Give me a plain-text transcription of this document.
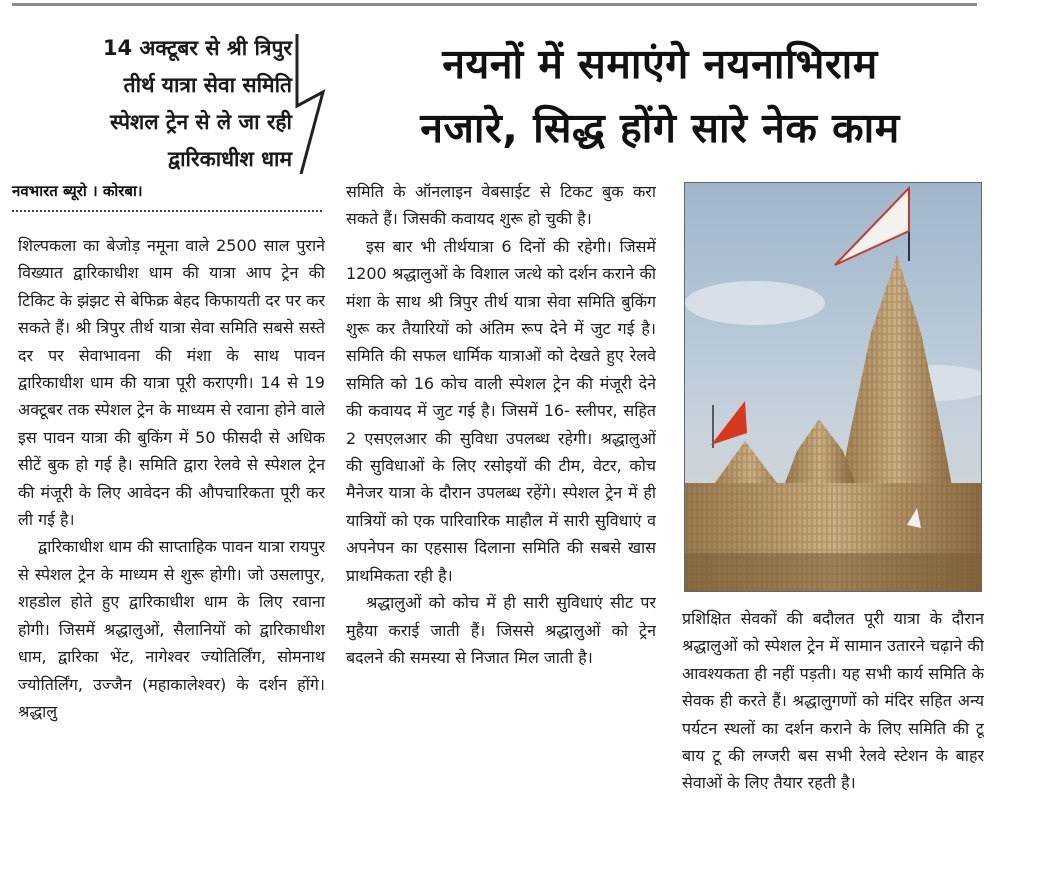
14 अक्टूबर से श्री त्रिपुर
तीर्थ यात्रा सेवा समिति
स्पेशल ट्रेन से ले जा रही
द्वारिकाधीश धाम
नयनों में समाएंगे नयनाभिराम
नजारे, सिद्ध होंगे सारे नेक काम
नवभारत ब्यूरो । कोरबा।

शिल्पकला का बेजोड़ नमूना वाले 2500 साल पुराने विख्यात द्वारिकाधीश धाम की यात्रा आप ट्रेन की टिकिट के झंझट से बेफिक्र बेहद किफायती दर पर कर सकते हैं। श्री त्रिपुर तीर्थ यात्रा सेवा समिति सबसे सस्ते दर पर सेवाभावना की मंशा के साथ पावन द्वारिकाधीश धाम की यात्रा पूरी कराएगी। 14 से 19 अक्टूबर तक स्पेशल ट्रेन के माध्यम से रवाना होने वाले इस पावन यात्रा की बुकिंग में 50 फीसदी से अधिक सीटें बुक हो गई है। समिति द्वारा रेलवे से स्पेशल ट्रेन की मंजूरी के लिए आवेदन की औपचारिकता पूरी कर ली गई है।

द्वारिकाधीश धाम की साप्ताहिक पावन यात्रा रायपुर से स्पेशल ट्रेन के माध्यम से शुरू होगी। जो उसलापुर, शहडोल होते हुए द्वारिकाधीश धाम के लिए रवाना होगी। जिसमें श्रद्धालुओं, सैलानियों को द्वारिकाधीश धाम, द्वारिका भेंट, नागेश्वर ज्योतिर्लिंग, सोमनाथ ज्योतिर्लिंग, उज्जैन (महाकालेश्वर) के दर्शन होंगे। श्रद्धालु

समिति के ऑनलाइन वेबसाईट से टिकट बुक करा सकते हैं। जिसकी कवायद शुरू हो चुकी है।

इस बार भी तीर्थयात्रा 6 दिनों की रहेगी। जिसमें 1200 श्रद्धालुओं के विशाल जत्थे को दर्शन कराने की मंशा के साथ श्री त्रिपुर तीर्थ यात्रा सेवा समिति बुकिंग शुरू कर तैयारियों को अंतिम रूप देने में जुट गई है। समिति की सफल धार्मिक यात्राओं को देखते हुए रेलवे समिति को 16 कोच वाली स्पेशल ट्रेन की मंजूरी देने की कवायद में जुट गई है। जिसमें 16- स्लीपर, सहित 2 एसएलआर की सुविधा उपलब्ध रहेगी। श्रद्धालुओं की सुविधाओं के लिए रसोइयों की टीम, वेटर, कोच मैनेजर यात्रा के दौरान उपलब्ध रहेंगे। स्पेशल ट्रेन में ही यात्रियों को एक पारिवारिक माहौल में सारी सुविधाएं व अपनेपन का एहसास दिलाना समिति की सबसे खास प्राथमिकता रही है।

श्रद्धालुओं को कोच में ही सारी सुविधाएं सीट पर मुहैया कराई जाती हैं। जिससे श्रद्धालुओं को ट्रेन बदलने की समस्या से निजात मिल जाती है।

प्रशिक्षित सेवकों की बदौलत पूरी यात्रा के दौरान श्रद्धालुओं को स्पेशल ट्रेन में सामान उतारने चढ़ाने की आवश्यकता ही नहीं पड़ती। यह सभी कार्य समिति के सेवक ही करते हैं। श्रद्धालुगणों को मंदिर सहित अन्य पर्यटन स्थलों का दर्शन कराने के लिए समिति की टू बाय टू की लग्जरी बस सभी रेलवे स्टेशन के बाहर सेवाओं के लिए तैयार रहती है।
